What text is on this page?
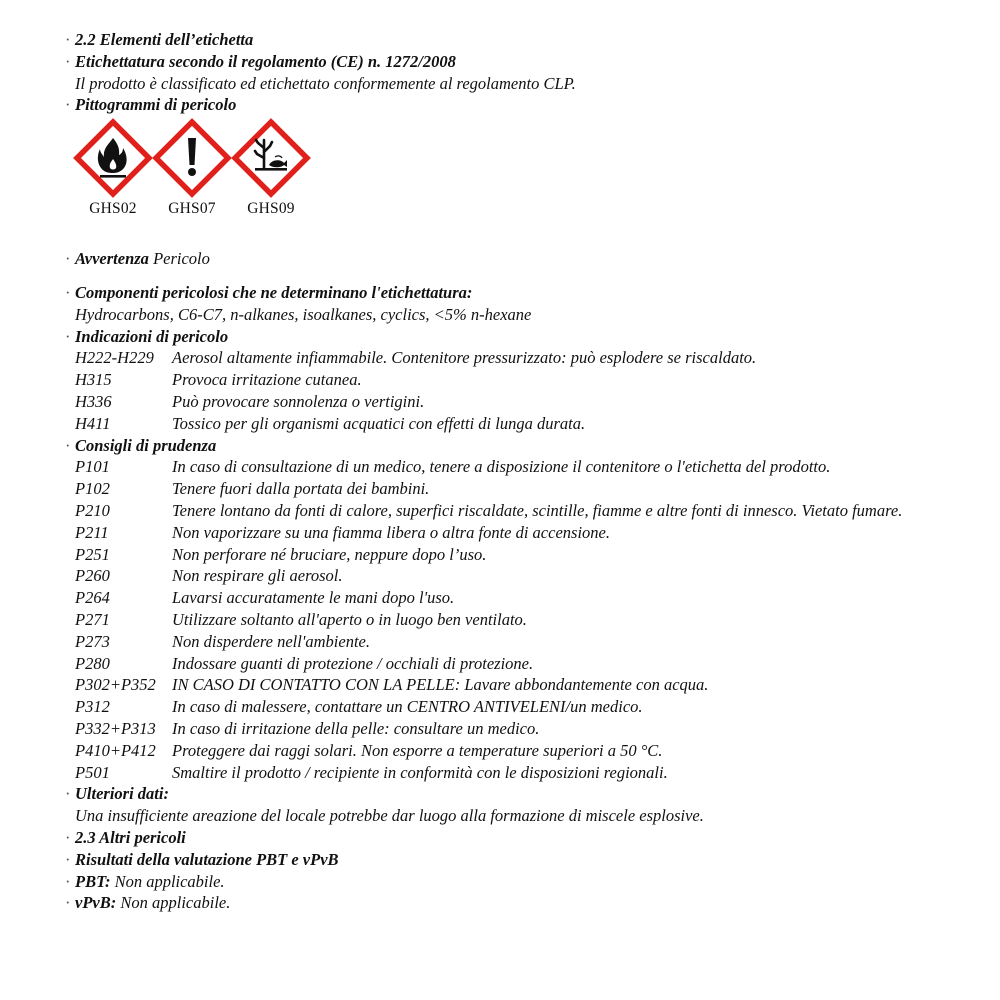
· 2.2 Elementi dell’etichetta
· Etichettatura secondo il regolamento (CE) n. 1272/2008
Il prodotto è classificato ed etichettato conformemente al regolamento CLP.
· Pittogrammi di pericolo
GHS02	GHS07	GHS09
· Avvertenza Pericolo
· Componenti pericolosi che ne determinano l'etichettatura:
Hydrocarbons, C6-C7, n-alkanes, isoalkanes, cyclics, <5% n-hexane
· Indicazioni di pericolo
H222-H229 Aerosol altamente infiammabile. Contenitore pressurizzato: può esplodere se riscaldato.
H315	Provoca irritazione cutanea.
H336	Può provocare sonnolenza o vertigini.
H411	Tossico per gli organismi acquatici con effetti di lunga durata.
· Consigli di prudenza
P101	In caso di consultazione di un medico, tenere a disposizione il contenitore o l'etichetta del prodotto.
P102	Tenere fuori dalla portata dei bambini.
P210	Tenere lontano da fonti di calore, superfici riscaldate, scintille, fiamme e altre fonti di innesco. Vietato fumare.
P211	Non vaporizzare su una fiamma libera o altra fonte di accensione.
P251	Non perforare né bruciare, neppure dopo l’uso.
P260	Non respirare gli aerosol.
P264	Lavarsi accuratamente le mani dopo l'uso.
P271	Utilizzare soltanto all'aperto o in luogo ben ventilato.
P273	Non disperdere nell'ambiente.
P280	Indossare guanti di protezione / occhiali di protezione.
P302+P352 IN CASO DI CONTATTO CON LA PELLE: Lavare abbondantemente con acqua.
P312	In caso di malessere, contattare un CENTRO ANTIVELENI/un medico.
P332+P313 In caso di irritazione della pelle: consultare un medico.
P410+P412 Proteggere dai raggi solari. Non esporre a temperature superiori a 50 °C.
P501	Smaltire il prodotto / recipiente in conformità con le disposizioni regionali.
· Ulteriori dati:
Una insufficiente areazione del locale potrebbe dar luogo alla formazione di miscele esplosive.
· 2.3 Altri pericoli
· Risultati della valutazione PBT e vPvB
· PBT: Non applicabile.
· vPvB: Non applicabile.
